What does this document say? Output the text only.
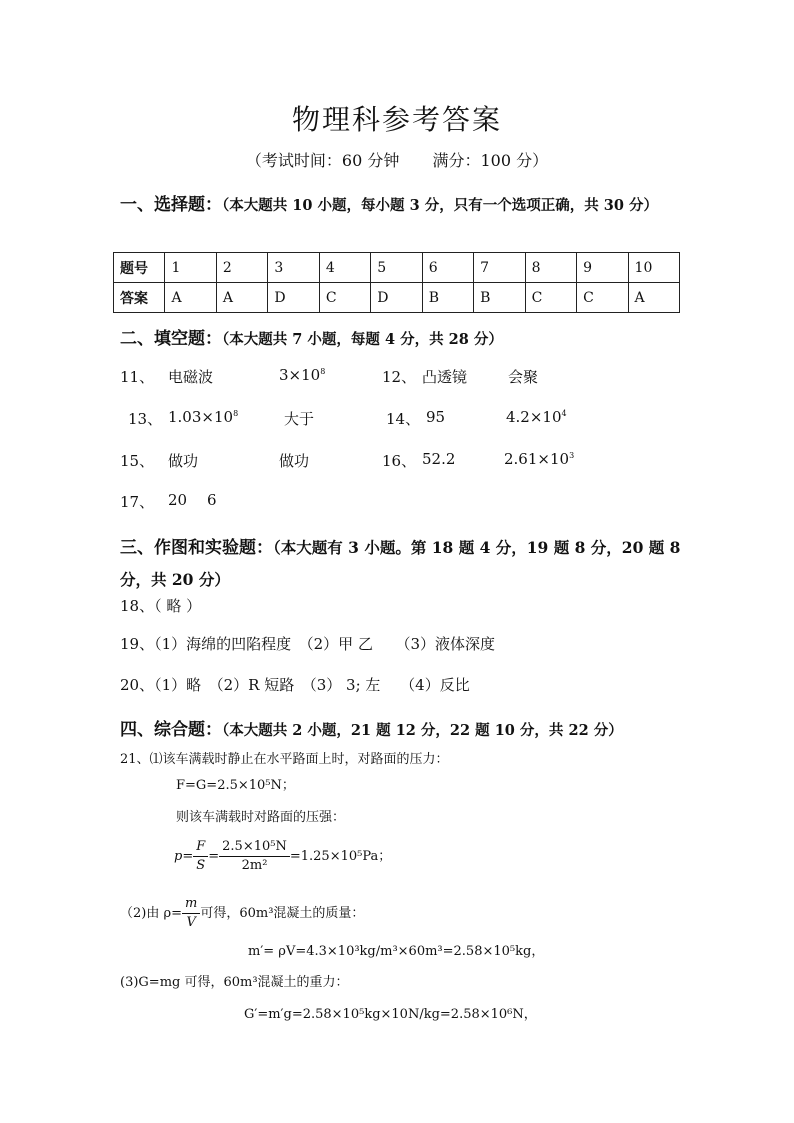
物理科参考答案
（考试时间：60 分钟 满分：100 分）
一、选择题：（本大题共 10 小题，每小题 3 分，只有一个选项正确，共 30 分）
题号	1	2	3	4	5	6	7	8	9	10
答案	A	A	D	C	D	B	B	C	C	A
二、填空题：（本大题共 7 小题，每题 4 分，共 28 分）
11、 电磁波	$3\times 10^8$	12、 凸透镜	会聚
13、 $1.03\times 10^8$	大于	14、 95	$4.2\times 10^4$
15、 做功	做功	16、 52.2	$2.61\times 10^3$
17、 20 6
三、作图和实验题：（本大题有 3 小题。第 18 题 4 分，19 题 8 分，20 题 8 分，共 20 分）
18、（ 略 ）
19、（1）海绵的凹陷程度　（2）甲 乙　　（3）液体深度
20、（1）略　（2）R 短路　（3） 3; 左　 （4）反比
四、综合题：（本大题共 2 小题，21 题 12 分，22 题 10 分，共 22 分）
21、⑴该车满载时静止在水平路面上时，对路面的压力：
F=G=2.5×10⁵N；
则该车满载时对路面的压强：
$p= \frac{F}{S} = \frac{\text{2.5×10⁵N}}{\text{2m²}} =1.25\times 10^5Pa$；
（2)由 $\rho= \frac{m}{V}$ 可得，60m³混凝土的质量：
m′= ρV=4.3×10³kg/m³×60m³=2.58×10⁵kg，
(3)G=mg 可得，60m³混凝土的重力：
G′=m′g=2.58×10⁵kg×10N/kg=2.58×10⁶N，
